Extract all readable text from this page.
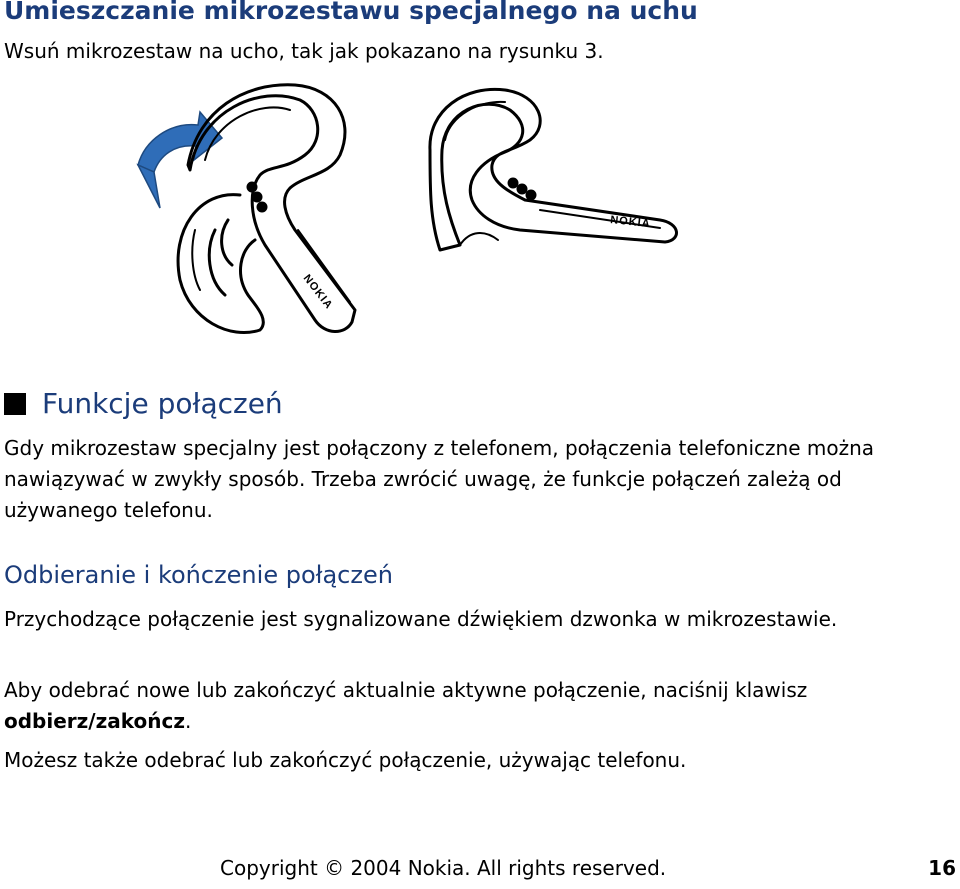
Umieszczanie mikrozestawu specjalnego na uchu

Wsuń mikrozestaw na ucho, tak jak pokazano na rysunku 3.

NOKIA
NOKIA
Funkcje połączeń

Gdy mikrozestaw specjalny jest połączony z telefonem, połączenia telefoniczne można nawiązywać w zwykły sposób. Trzeba zwrócić uwagę, że funkcje połączeń zależą od używanego telefonu.

Odbieranie i kończenie połączeń

Przychodzące połączenie jest sygnalizowane dźwiękiem dzwonka w mikrozestawie.

Aby odebrać nowe lub zakończyć aktualnie aktywne połączenie, naciśnij klawisz odbierz/zakończ.

Możesz także odebrać lub zakończyć połączenie, używając telefonu.

Copyright © 2004 Nokia. All rights reserved.	16
